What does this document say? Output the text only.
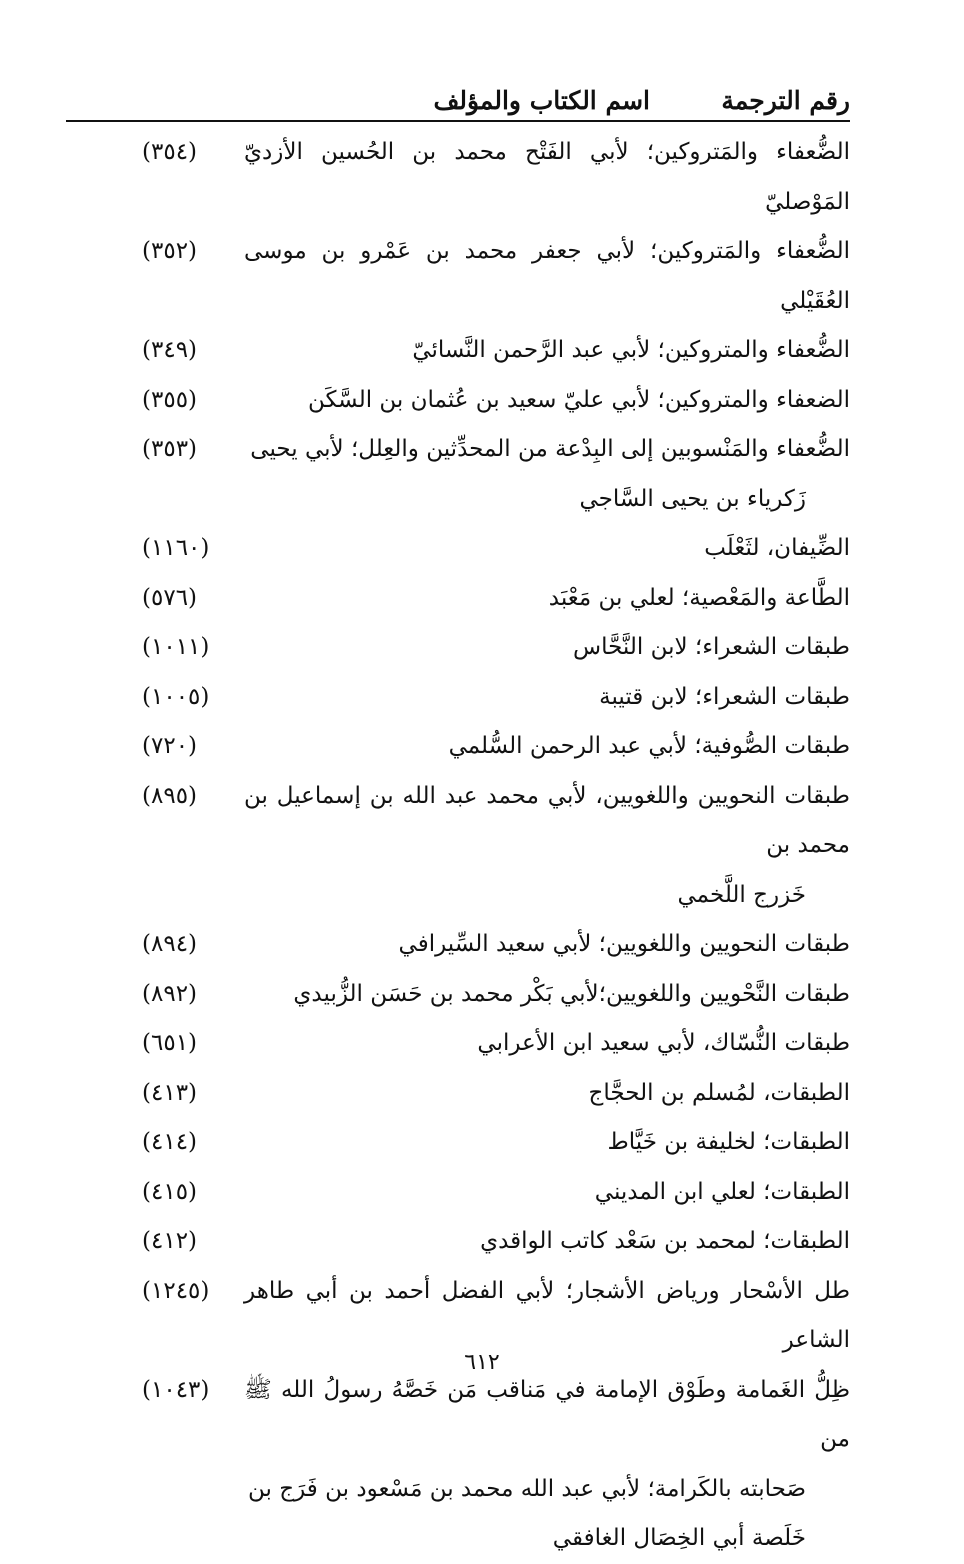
اسم الكتاب والمؤلف	رقم الترجمة
الضُّعفاء والمَتروكين؛ لأبي الفَتْح محمد بن الحُسين الأزديّ المَوْصليّ
(٣٥٤)
الضُّعفاء والمَتروكين؛ لأبي جعفر محمد بن عَمْرو بن موسى العُقَيْلي
(٣٥٢)
الضُّعفاء والمتروكين؛ لأبي عبد الرَّحمن النَّسائيّ
(٣٤٩)
الضعفاء والمتروكين؛ لأبي عليّ سعيد بن عُثمان بن السَّكَن
(٣٥٥)
الضُّعفاء والمَنْسوبين إلى البِدْعة من المحدِّثين والعِلل؛ لأبي يحيى
زَكرياء بن يحيى السَّاجي
(٣٥٣)
الضِّيفان، لثَعْلَب
(١١٦٠)
الطَّاعة والمَعْصية؛ لعلي بن مَعْبَد
(٥٧٦)
طبقات الشعراء؛ لابن النَّحَّاس
(١٠١١)
طبقات الشعراء؛ لابن قتيبة
(١٠٠٥)
طبقات الصُّوفية؛ لأبي عبد الرحمن السُّلمي
(٧٢٠)
طبقات النحويين واللغويين، لأبي محمد عبد الله بن إسماعيل بن محمد بن
خَزرج اللَّخمي
(٨٩٥)
طبقات النحويين واللغويين؛ لأبي سعيد السِّيرافي
(٨٩٤)
طبقات النَّحْويين واللغويين؛لأبي بَكْر محمد بن حَسَن الزُّبيدي
(٨٩٢)
طبقات النُّسّاك، لأبي سعيد ابن الأعرابي
(٦٥١)
الطبقات، لمُسلم بن الحجَّاج
(٤١٣)
الطبقات؛ لخليفة بن خَيَّاط
(٤١٤)
الطبقات؛ لعلي ابن المديني
(٤١٥)
الطبقات؛ لمحمد بن سَعْد كاتب الواقدي
(٤١٢)
طل الأسْحار ورياض الأشجار؛ لأبي الفضل أحمد بن أبي طاهر الشاعر
(١٢٤٥)
ظِلُّ الغَمامة وطَوْق الإمامة في مَناقب مَن خَصَّهُ رسولُ الله ﷺ من
صَحابته بالكَرامة؛ لأبي عبد الله محمد بن مَسْعود بن فَرَج بن
خَلَصة أبي الخِصَال الغافقي
(١٠٤٣)
٦١٢
